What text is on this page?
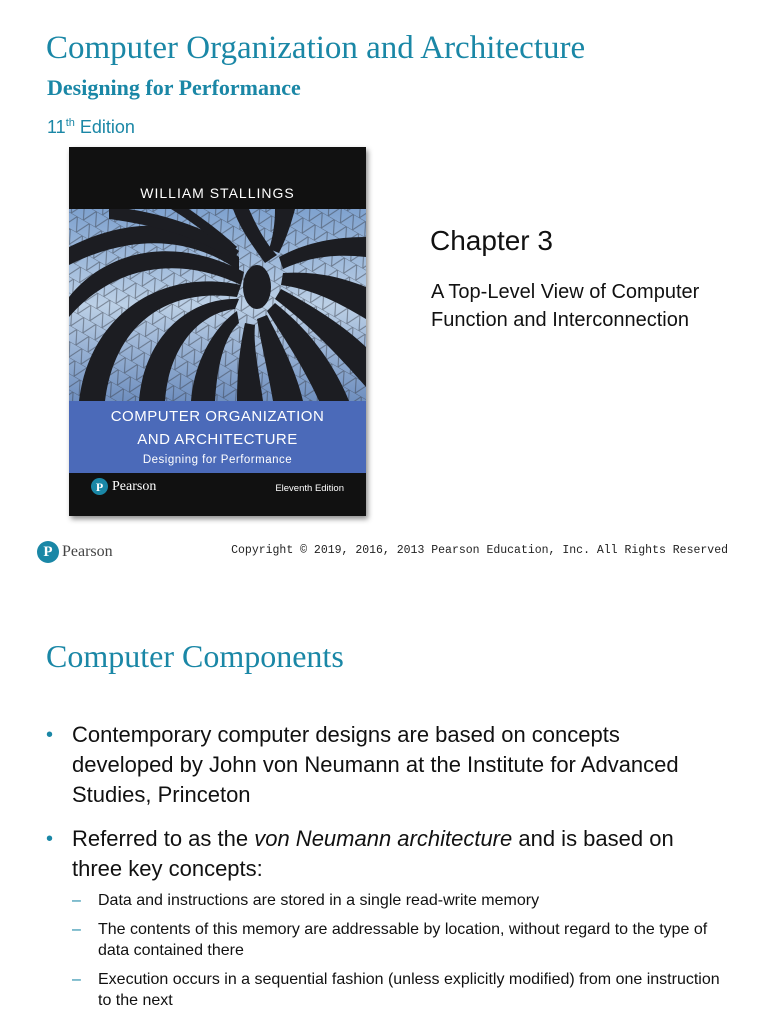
Computer Organization and Architecture
Designing for Performance
11th Edition
WILLIAM STALLINGS
COMPUTER ORGANIZATION
AND ARCHITECTURE
Designing for Performance
P Pearson	Eleventh Edition
Chapter 3
A Top-Level View of Computer Function and Interconnection
P Pearson	Copyright © 2019, 2016, 2013 Pearson Education, Inc. All Rights Reserved
Computer Components
• Contemporary computer designs are based on concepts developed by John von Neumann at the Institute for Advanced Studies, Princeton
• Referred to as the von Neumann architecture and is based on three key concepts:
– Data and instructions are stored in a single read-write memory
– The contents of this memory are addressable by location, without regard to the type of data contained there
– Execution occurs in a sequential fashion (unless explicitly modified) from one instruction to the next
